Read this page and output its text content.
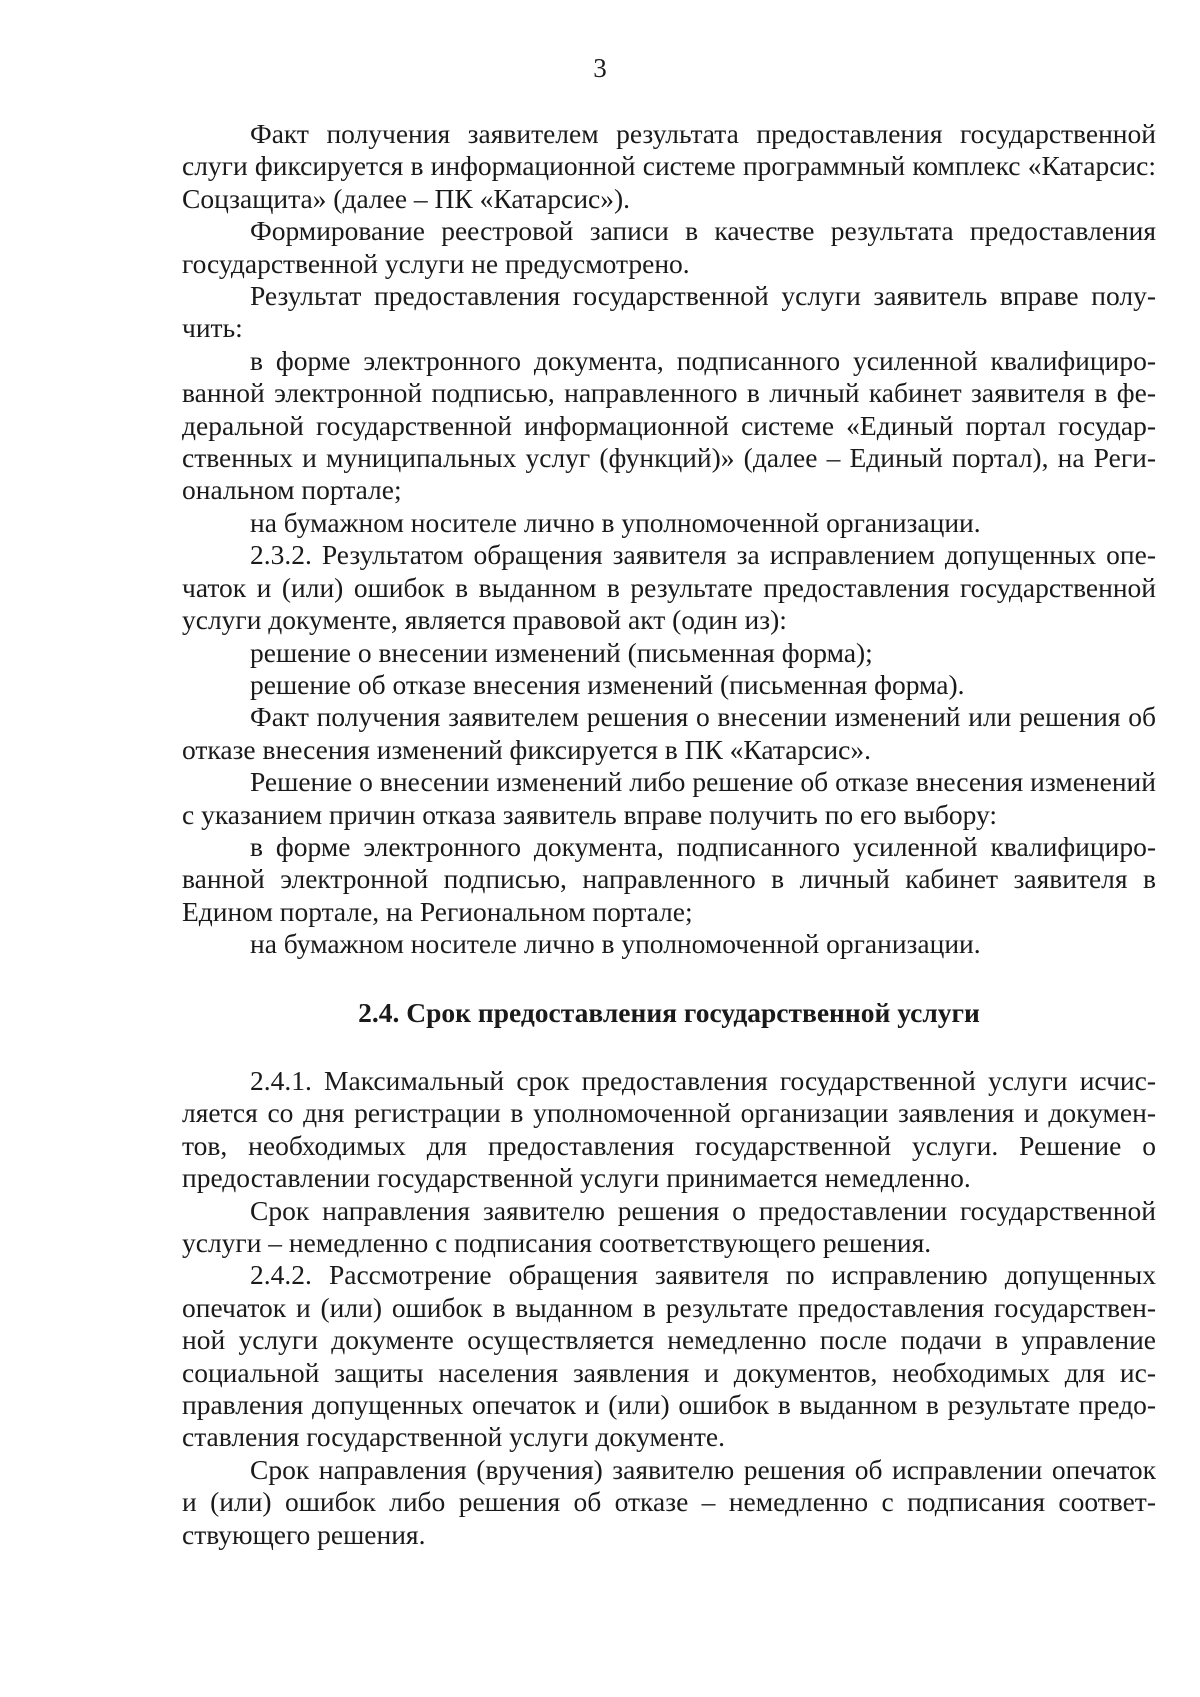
3

Факт получения заявителем результата предоставления государственной слуги фиксируется в информационной системе программный комплекс «Катарсис: Соцзащита» (далее – ПК «Катарсис»).

Формирование реестровой записи в качестве результата предоставления государственной услуги не предусмотрено.

Результат предоставления государственной услуги заявитель вправе получить:

в форме электронного документа, подписанного усиленной квалифицированной электронной подписью, направленного в личный кабинет заявителя в федеральной государственной информационной системе «Единый портал государственных и муниципальных услуг (функций)» (далее – Единый портал), на Региональном портале;

на бумажном носителе лично в уполномоченной организации.

2.3.2. Результатом обращения заявителя за исправлением допущенных опечаток и (или) ошибок в выданном в результате предоставления государственной услуги документе, является правовой акт (один из):

решение о внесении изменений (письменная форма);

решение об отказе внесения изменений (письменная форма).

Факт получения заявителем решения о внесении изменений или решения об отказе внесения изменений фиксируется в ПК «Катарсис».

Решение о внесении изменений либо решение об отказе внесения изменений с указанием причин отказа заявитель вправе получить по его выбору:

в форме электронного документа, подписанного усиленной квалифицированной электронной подписью, направленного в личный кабинет заявителя в Едином портале, на Региональном портале;

на бумажном носителе лично в уполномоченной организации.

2.4. Срок предоставления государственной услуги

2.4.1. Максимальный срок предоставления государственной услуги исчисляется со дня регистрации в уполномоченной организации заявления и документов, необходимых для предоставления государственной услуги. Решение о предоставлении государственной услуги принимается немедленно.

Срок направления заявителю решения о предоставлении государственной услуги – немедленно с подписания соответствующего решения.

2.4.2. Рассмотрение обращения заявителя по исправлению допущенных опечаток и (или) ошибок в выданном в результате предоставления государственной услуги документе осуществляется немедленно после подачи в управление социальной защиты населения заявления и документов, необходимых для исправления допущенных опечаток и (или) ошибок в выданном в результате предоставления государственной услуги документе.

Срок направления (вручения) заявителю решения об исправлении опечаток и (или) ошибок либо решения об отказе – немедленно с подписания соответствующего решения.
